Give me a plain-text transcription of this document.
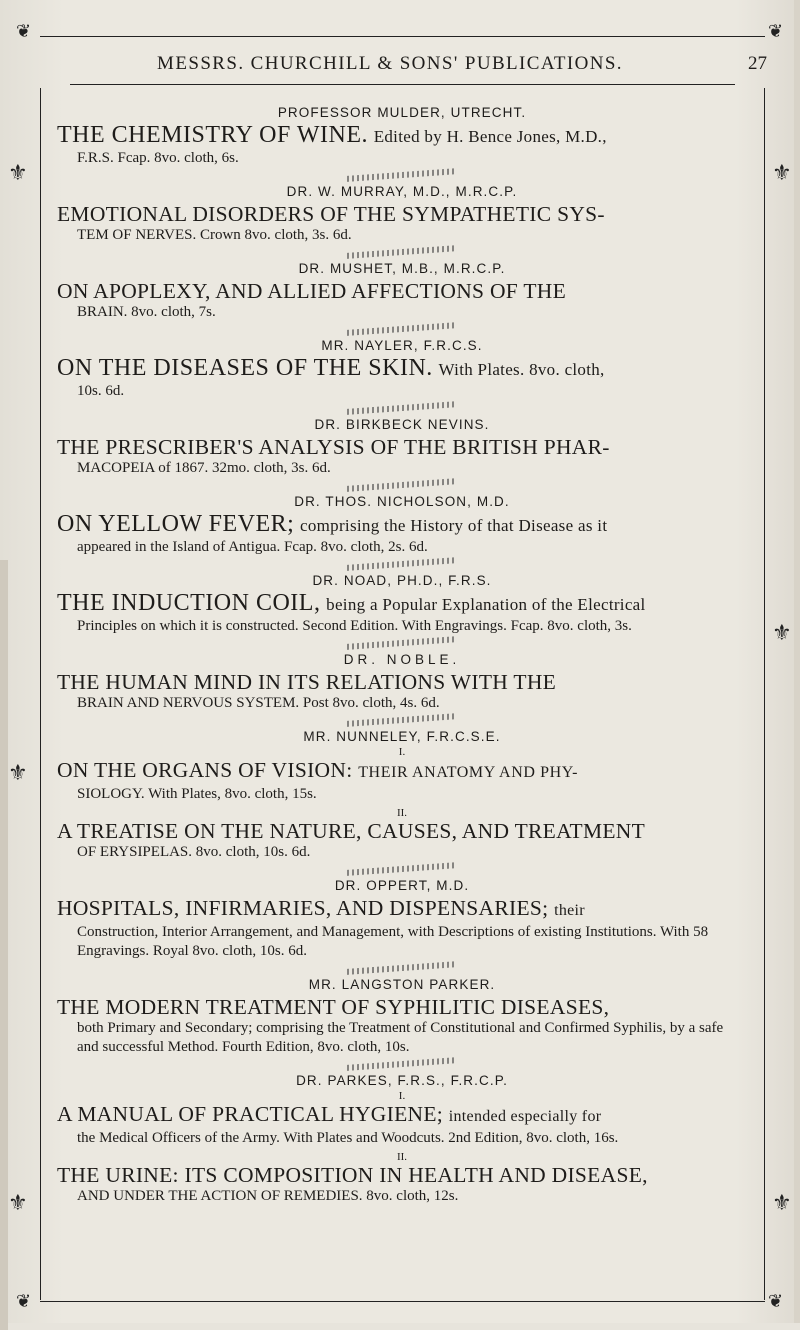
❦	❦
❦	❦
⚜
⚜
⚜
⚜
⚜
⚜
MESSRS. CHURCHILL & SONS' PUBLICATIONS.	27

PROFESSOR MULDER, UTRECHT.

THE CHEMISTRY OF WINE. Edited by H. Bence Jones, M.D.,

F.R.S. Fcap. 8vo. cloth, 6s.

DR. W. MURRAY, M.D., M.R.C.P.

EMOTIONAL DISORDERS OF THE SYMPATHETIC SYS-

TEM OF NERVES. Crown 8vo. cloth, 3s. 6d.

DR. MUSHET, M.B., M.R.C.P.

ON APOPLEXY, AND ALLIED AFFECTIONS OF THE

BRAIN. 8vo. cloth, 7s.

MR. NAYLER, F.R.C.S.

ON THE DISEASES OF THE SKIN. With Plates. 8vo. cloth,

10s. 6d.

DR. BIRKBECK NEVINS.

THE PRESCRIBER'S ANALYSIS OF THE BRITISH PHAR-

MACOPEIA of 1867. 32mo. cloth, 3s. 6d.

DR. THOS. NICHOLSON, M.D.

ON YELLOW FEVER; comprising the History of that Disease as it

appeared in the Island of Antigua. Fcap. 8vo. cloth, 2s. 6d.

DR. NOAD, PH.D., F.R.S.

THE INDUCTION COIL, being a Popular Explanation of the Electrical

Principles on which it is constructed. Second Edition. With Engravings. Fcap. 8vo. cloth, 3s.

DR. NOBLE.

THE HUMAN MIND IN ITS RELATIONS WITH THE

BRAIN AND NERVOUS SYSTEM. Post 8vo. cloth, 4s. 6d.

MR. NUNNELEY, F.R.C.S.E.

I.

ON THE ORGANS OF VISION: THEIR ANATOMY AND PHY-

SIOLOGY. With Plates, 8vo. cloth, 15s.

II.

A TREATISE ON THE NATURE, CAUSES, AND TREATMENT

OF ERYSIPELAS. 8vo. cloth, 10s. 6d.

DR. OPPERT, M.D.

HOSPITALS, INFIRMARIES, AND DISPENSARIES; their

Construction, Interior Arrangement, and Management, with Descriptions of existing Institutions. With 58 Engravings. Royal 8vo. cloth, 10s. 6d.

MR. LANGSTON PARKER.

THE MODERN TREATMENT OF SYPHILITIC DISEASES,

both Primary and Secondary; comprising the Treatment of Constitutional and Confirmed Syphilis, by a safe and successful Method. Fourth Edition, 8vo. cloth, 10s.

DR. PARKES, F.R.S., F.R.C.P.

I.

A MANUAL OF PRACTICAL HYGIENE; intended especially for

the Medical Officers of the Army. With Plates and Woodcuts. 2nd Edition, 8vo. cloth, 16s.

II.

THE URINE: ITS COMPOSITION IN HEALTH AND DISEASE,

AND UNDER THE ACTION OF REMEDIES. 8vo. cloth, 12s.
